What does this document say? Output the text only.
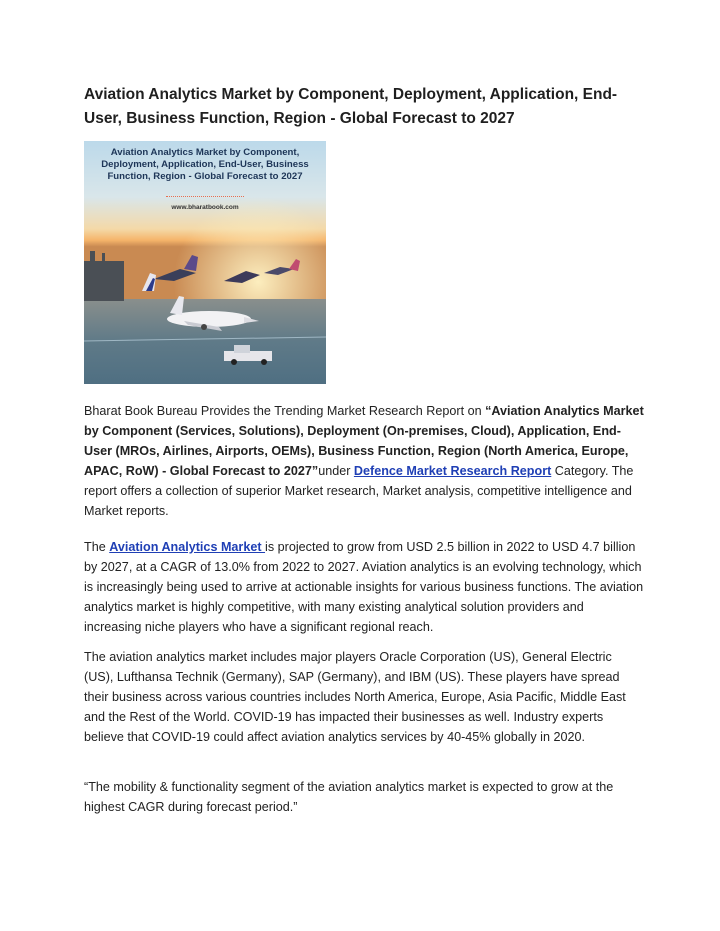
Aviation Analytics Market by Component, Deployment, Application, End-User, Business Function, Region - Global Forecast to 2027
Aviation Analytics Market by Component, Deployment, Application, End-User, Business Function, Region - Global Forecast to 2027
www.bharatbook.com
Bharat Book Bureau Provides the Trending Market Research Report on “Aviation Analytics Market by Component (Services, Solutions), Deployment (On-premises, Cloud), Application, End-User (MROs, Airlines, Airports, OEMs), Business Function, Region (North America, Europe, APAC, RoW) - Global Forecast to 2027”under Defence Market Research Report Category. The report offers a collection of superior Market research, Market analysis, competitive intelligence and Market reports.
The Aviation Analytics Market is projected to grow from USD 2.5 billion in 2022 to USD 4.7 billion by 2027, at a CAGR of 13.0% from 2022 to 2027. Aviation analytics is an evolving technology, which is increasingly being used to arrive at actionable insights for various business functions. The aviation analytics market is highly competitive, with many existing analytical solution providers and increasing niche players who have a significant regional reach.
The aviation analytics market includes major players Oracle Corporation (US), General Electric (US), Lufthansa Technik (Germany), SAP (Germany), and IBM (US). These players have spread their business across various countries includes North America, Europe, Asia Pacific, Middle East and the Rest of the World. COVID-19 has impacted their businesses as well. Industry experts believe that COVID-19 could affect aviation analytics services by 40-45% globally in 2020.
“The mobility & functionality segment of the aviation analytics market is expected to grow at the highest CAGR during forecast period.”
